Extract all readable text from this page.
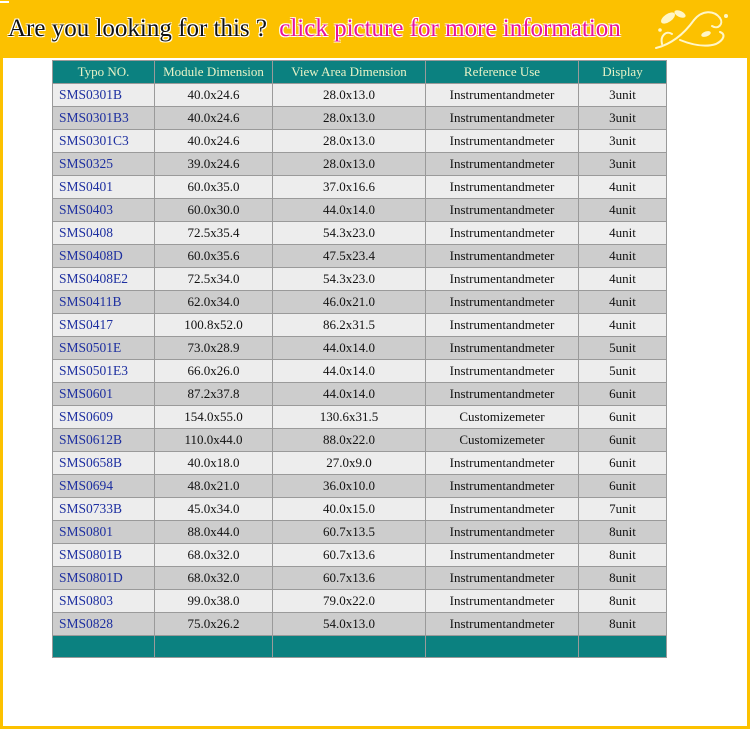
Are you looking for this ? click picture for more information
Typo NO.	Module Dimension	View Area Dimension	Reference Use	Display
SMS0301B	40.0x24.6	28.0x13.0	Instrumentandmeter	3unit
SMS0301B3	40.0x24.6	28.0x13.0	Instrumentandmeter	3unit
SMS0301C3	40.0x24.6	28.0x13.0	Instrumentandmeter	3unit
SMS0325	39.0x24.6	28.0x13.0	Instrumentandmeter	3unit
SMS0401	60.0x35.0	37.0x16.6	Instrumentandmeter	4unit
SMS0403	60.0x30.0	44.0x14.0	Instrumentandmeter	4unit
SMS0408	72.5x35.4	54.3x23.0	Instrumentandmeter	4unit
SMS0408D	60.0x35.6	47.5x23.4	Instrumentandmeter	4unit
SMS0408E2	72.5x34.0	54.3x23.0	Instrumentandmeter	4unit
SMS0411B	62.0x34.0	46.0x21.0	Instrumentandmeter	4unit
SMS0417	100.8x52.0	86.2x31.5	Instrumentandmeter	4unit
SMS0501E	73.0x28.9	44.0x14.0	Instrumentandmeter	5unit
SMS0501E3	66.0x26.0	44.0x14.0	Instrumentandmeter	5unit
SMS0601	87.2x37.8	44.0x14.0	Instrumentandmeter	6unit
SMS0609	154.0x55.0	130.6x31.5	Customizemeter	6unit
SMS0612B	110.0x44.0	88.0x22.0	Customizemeter	6unit
SMS0658B	40.0x18.0	27.0x9.0	Instrumentandmeter	6unit
SMS0694	48.0x21.0	36.0x10.0	Instrumentandmeter	6unit
SMS0733B	45.0x34.0	40.0x15.0	Instrumentandmeter	7unit
SMS0801	88.0x44.0	60.7x13.5	Instrumentandmeter	8unit
SMS0801B	68.0x32.0	60.7x13.6	Instrumentandmeter	8unit
SMS0801D	68.0x32.0	60.7x13.6	Instrumentandmeter	8unit
SMS0803	99.0x38.0	79.0x22.0	Instrumentandmeter	8unit
SMS0828	75.0x26.2	54.0x13.0	Instrumentandmeter	8unit
